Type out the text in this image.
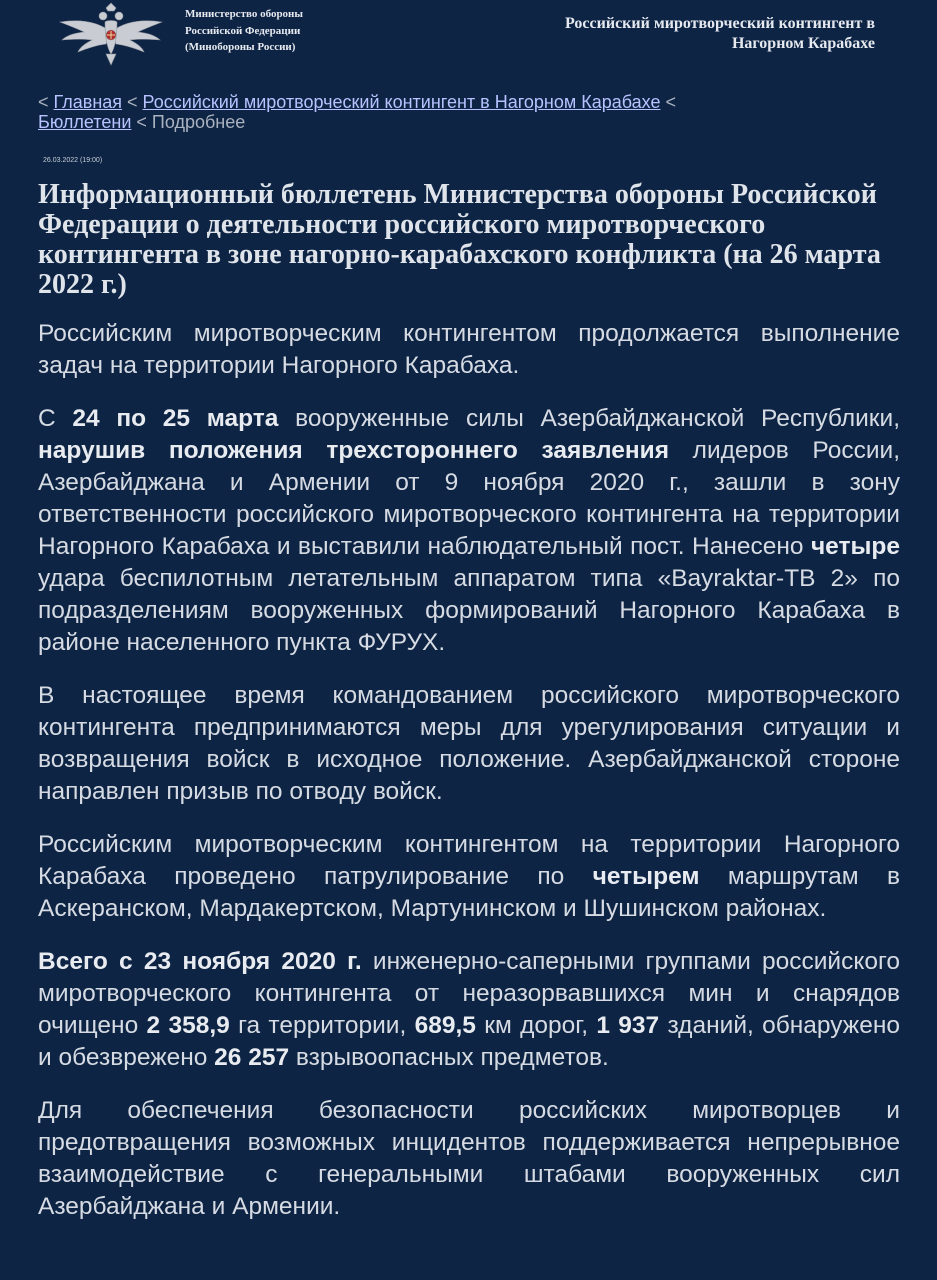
Министерство обороны
Российской Федерации
(Минобороны России)
Российский миротворческий контингент в
Нагорном Карабахе
< Главная < Российский миротворческий контингент в Нагорном Карабахе < Бюллетени < Подробнее
26.03.2022 (19:00)
Информационный бюллетень Министерства обороны Российской Федерации о деятельности российского миротворческого контингента в зоне нагорно-карабахского конфликта (на 26 марта 2022 г.)

Российским миротворческим контингентом продолжается выполнение задач на территории Нагорного Карабаха.

С 24 по 25 марта вооруженные силы Азербайджанской Республики, нарушив положения трехстороннего заявления лидеров России, Азербайджана и Армении от 9 ноября 2020 г., зашли в зону ответственности российского миротворческого контингента на территории Нагорного Карабаха и выставили наблюдательный пост. Нанесено четыре удара беспилотным летательным аппаратом типа «Bayraktar-TB 2» по подразделениям вооруженных формирований Нагорного Карабаха в районе населенного пункта ФУРУХ.

В настоящее время командованием российского миротворческого контингента предпринимаются меры для урегулирования ситуации и возвращения войск в исходное положение. Азербайджанской стороне направлен призыв по отводу войск.

Российским миротворческим контингентом на территории Нагорного Карабаха проведено патрулирование по четырем маршрутам в Аскеранском, Мардакертском, Мартунинском и Шушинском районах.

Всего с 23 ноября 2020 г. инженерно-саперными группами российского миротворческого контингента от неразорвавшихся мин и снарядов очищено 2 358,9 га территории, 689,5 км дорог, 1 937 зданий, обнаружено и обезврежено 26 257 взрывоопасных предметов.

Для обеспечения безопасности российских миротворцев и предотвращения возможных инцидентов поддерживается непрерывное взаимодействие с генеральными штабами вооруженных сил Азербайджана и Армении.
